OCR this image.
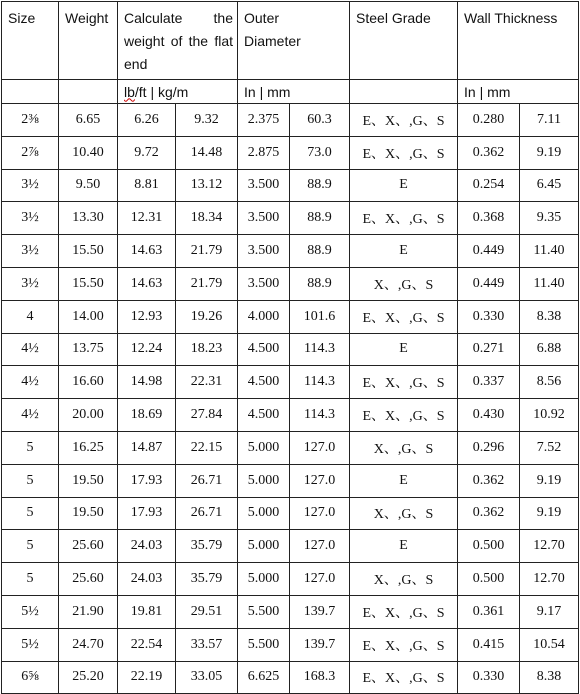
Size	Weight	Calculate the weight of the flat end		Outer Diameter		Steel Grade	Wall Thickness	
		lb/ft | kg/m		In | mm			In | mm	
2⅜	6.65	6.26	9.32	2.375	60.3	E、X、,G、S	0.280	7.11
2⅞	10.40	9.72	14.48	2.875	73.0	E、X、,G、S	0.362	9.19
3½	9.50	8.81	13.12	3.500	88.9	E	0.254	6.45
3½	13.30	12.31	18.34	3.500	88.9	E、X、,G、S	0.368	9.35
3½	15.50	14.63	21.79	3.500	88.9	E	0.449	11.40
3½	15.50	14.63	21.79	3.500	88.9	X、,G、S	0.449	11.40
4	14.00	12.93	19.26	4.000	101.6	E、X、,G、S	0.330	8.38
4½	13.75	12.24	18.23	4.500	114.3	E	0.271	6.88
4½	16.60	14.98	22.31	4.500	114.3	E、X、,G、S	0.337	8.56
4½	20.00	18.69	27.84	4.500	114.3	E、X、,G、S	0.430	10.92
5	16.25	14.87	22.15	5.000	127.0	X、,G、S	0.296	7.52
5	19.50	17.93	26.71	5.000	127.0	E	0.362	9.19
5	19.50	17.93	26.71	5.000	127.0	X、,G、S	0.362	9.19
5	25.60	24.03	35.79	5.000	127.0	E	0.500	12.70
5	25.60	24.03	35.79	5.000	127.0	X、,G、S	0.500	12.70
5½	21.90	19.81	29.51	5.500	139.7	E、X、,G、S	0.361	9.17
5½	24.70	22.54	33.57	5.500	139.7	E、X、,G、S	0.415	10.54
6⅝	25.20	22.19	33.05	6.625	168.3	E、X、,G、S	0.330	8.38
